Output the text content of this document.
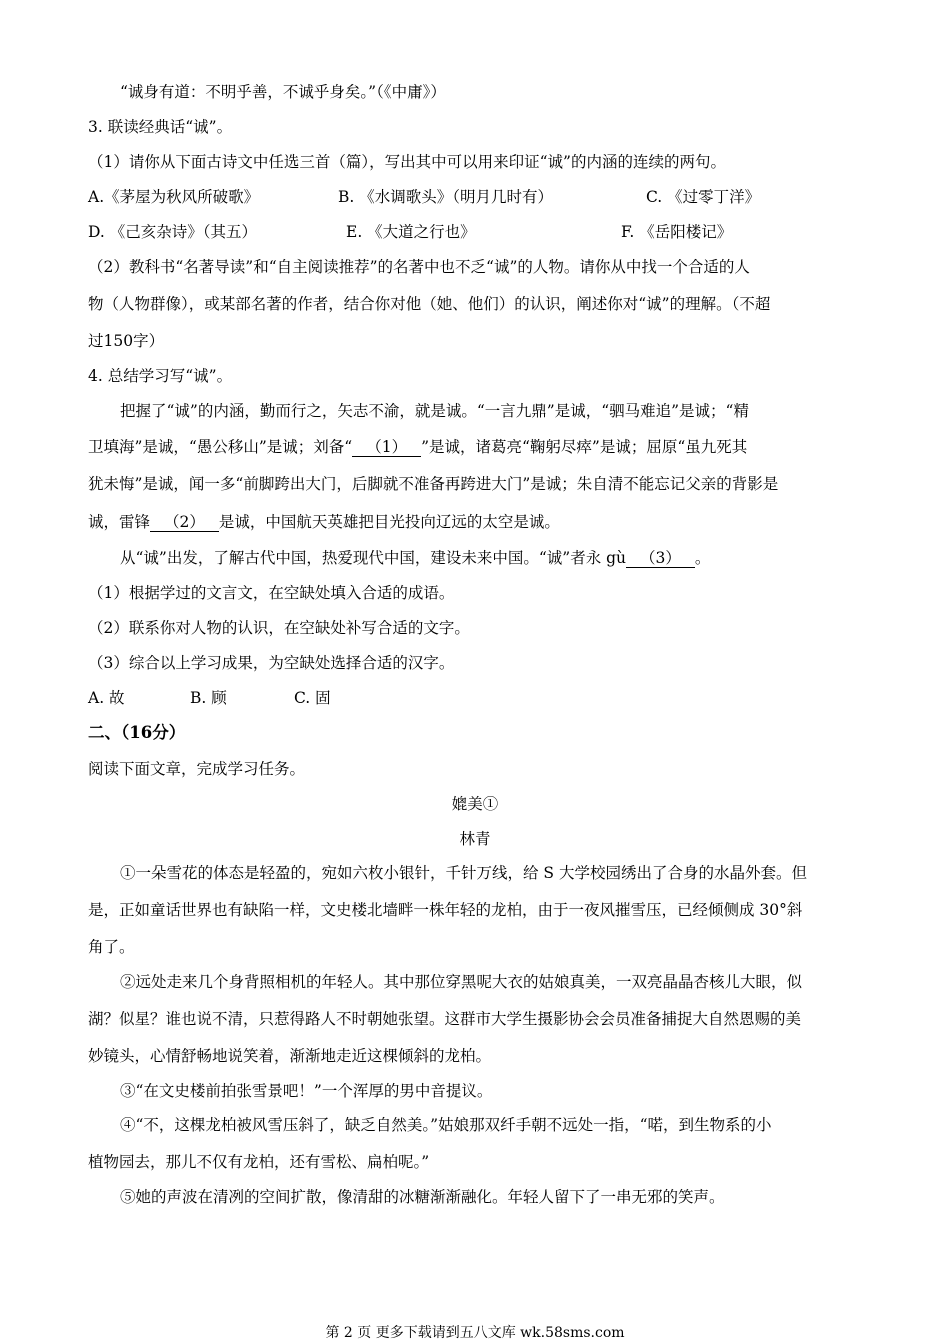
“诚身有道：不明乎善，不诚乎身矣。”（《中庸》）
3. 联读经典话“诚”。
（1）请你从下面古诗文中任选三首（篇），写出其中可以用来印证“诚”的内涵的连续的两句。
A.《茅屋为秋风所破歌》	B. 《水调歌头》（明月几时有）	C. 《过零丁洋》
D. 《己亥杂诗》（其五）	E. 《大道之行也》	F. 《岳阳楼记》
（2）教科书“名著导读”和“自主阅读推荐”的名著中也不乏“诚”的人物。请你从中找一个合适的人
物（人物群像），或某部名著的作者，结合你对他（她、他们）的认识，阐述你对“诚”的理解。（不超
过150字）
4. 总结学习写“诚”。
把握了“诚”的内涵，勤而行之，矢志不渝，就是诚。“一言九鼎”是诚，“驷马难追”是诚；“精
卫填海”是诚，“愚公移山”是诚；刘备“ （1） ”是诚，诸葛亮“鞠躬尽瘁”是诚；屈原“虽九死其
犹未悔”是诚，闻一多“前脚跨出大门，后脚就不准备再跨进大门”是诚；朱自清不能忘记父亲的背影是
诚，雷锋 （2） 是诚，中国航天英雄把目光投向辽远的太空是诚。
从“诚”出发，了解古代中国，热爱现代中国，建设未来中国。“诚”者永 gù （3） 。
（1）根据学过的文言文，在空缺处填入合适的成语。
（2）联系你对人物的认识，在空缺处补写合适的文字。
（3）综合以上学习成果，为空缺处选择合适的汉字。
A. 故	B. 顾	C. 固
二、（16分）
阅读下面文章，完成学习任务。
媲美①
林青
①一朵雪花的体态是轻盈的，宛如六枚小银针，千针万线，给 S 大学校园绣出了合身的水晶外套。但
是，正如童话世界也有缺陷一样，文史楼北墙畔一株年轻的龙柏，由于一夜风摧雪压，已经倾侧成 30°斜
角了。
②远处走来几个身背照相机的年轻人。其中那位穿黑呢大衣的姑娘真美，一双亮晶晶杏核儿大眼，似
湖？似星？谁也说不清，只惹得路人不时朝她张望。这群市大学生摄影协会会员准备捕捉大自然恩赐的美
妙镜头，心情舒畅地说笑着，渐渐地走近这棵倾斜的龙柏。
③“在文史楼前拍张雪景吧！”一个浑厚的男中音提议。
④“不，这棵龙柏被风雪压斜了，缺乏自然美。”姑娘那双纤手朝不远处一指，“喏，到生物系的小
植物园去，那儿不仅有龙柏，还有雪松、扁柏呢。”
⑤她的声波在清冽的空间扩散，像清甜的冰糖渐渐融化。年轻人留下了一串无邪的笑声。
第 2 页 更多下载请到五八文库 wk.58sms.com
